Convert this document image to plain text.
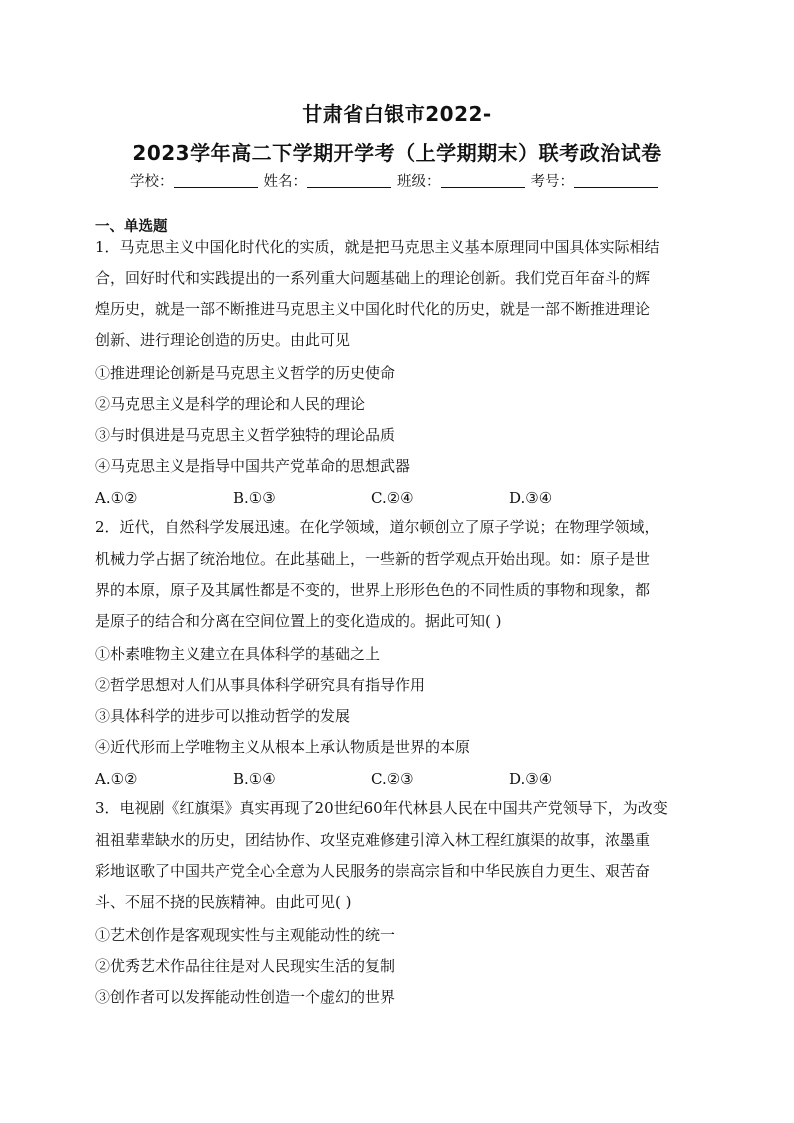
甘肃省白银市2022-
2023学年高二下学期开学考（上学期期末）联考政治试卷
学校：	姓名：	班级：	考号：
一、单选题
1．马克思主义中国化时代化的实质，就是把马克思主义基本原理同中国具体实际相结
合，回好时代和实践提出的一系列重大问题基础上的理论创新。我们党百年奋斗的辉
煌历史，就是一部不断推进马克思主义中国化时代化的历史，就是一部不断推进理论
创新、进行理论创造的历史。由此可见
①推进理论创新是马克思主义哲学的历史使命
②马克思主义是科学的理论和人民的理论
③与时俱进是马克思主义哲学独特的理论品质
④马克思主义是指导中国共产党革命的思想武器
A.①②	B.①③	C.②④	D.③④
2．近代，自然科学发展迅速。在化学领域，道尔顿创立了原子学说；在物理学领域，
机械力学占据了统治地位。在此基础上，一些新的哲学观点开始出现。如：原子是世
界的本原，原子及其属性都是不变的，世界上形形色色的不同性质的事物和现象，都
是原子的结合和分离在空间位置上的变化造成的。据此可知( )
①朴素唯物主义建立在具体科学的基础之上
②哲学思想对人们从事具体科学研究具有指导作用
③具体科学的进步可以推动哲学的发展
④近代形而上学唯物主义从根本上承认物质是世界的本原
A.①②	B.①④	C.②③	D.③④
3．电视剧《红旗渠》真实再现了20世纪60年代林县人民在中国共产党领导下，为改变
祖祖辈辈缺水的历史，团结协作、攻坚克难修建引漳入林工程红旗渠的故事，浓墨重
彩地讴歌了中国共产党全心全意为人民服务的崇高宗旨和中华民族自力更生、艰苦奋
斗、不屈不挠的民族精神。由此可见( )
①艺术创作是客观现实性与主观能动性的统一
②优秀艺术作品往往是对人民现实生活的复制
③创作者可以发挥能动性创造一个虚幻的世界
